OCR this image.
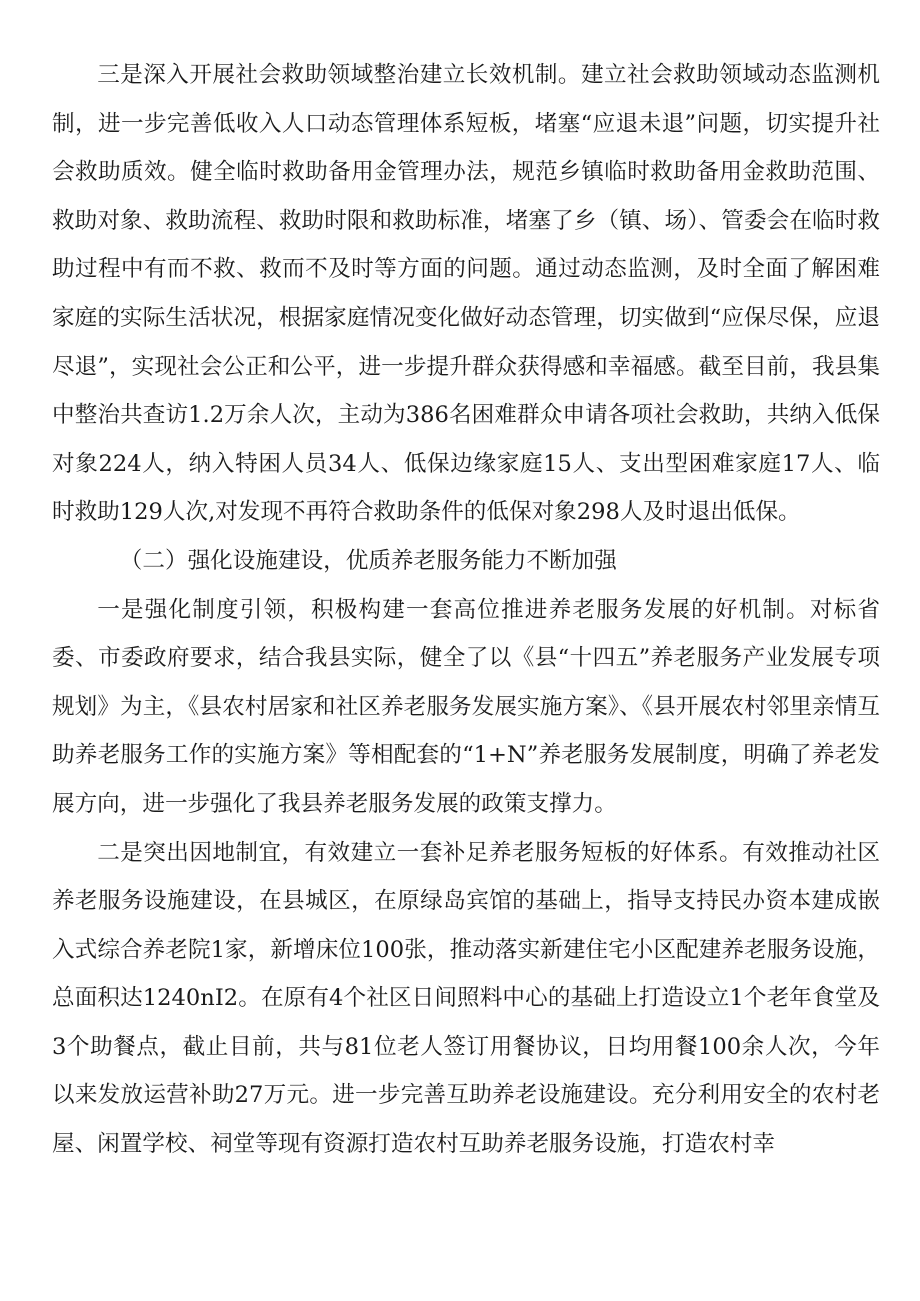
三是深入开展社会救助领域整治建立长效机制。建立社会救助领域动态监测机制，进一步完善低收入人口动态管理体系短板，堵塞“应退未退”问题，切实提升社会救助质效。健全临时救助备用金管理办法，规范乡镇临时救助备用金救助范围、救助对象、救助流程、救助时限和救助标准，堵塞了乡（镇、场）、管委会在临时救助过程中有而不救、救而不及时等方面的问题。通过动态监测，及时全面了解困难家庭的实际生活状况，根据家庭情况变化做好动态管理，切实做到“应保尽保，应退尽退”，实现社会公正和公平，进一步提升群众获得感和幸福感。截至目前，我县集中整治共查访1.2万余人次，主动为386名困难群众申请各项社会救助，共纳入低保对象224人，纳入特困人员34人、低保边缘家庭15人、支出型困难家庭17人、临时救助129人次,对发现不再符合救助条件的低保对象298人及时退出低保。

（二）强化设施建设，优质养老服务能力不断加强

一是强化制度引领，积极构建一套高位推进养老服务发展的好机制。对标省委、市委政府要求，结合我县实际，健全了以《县“十四五”养老服务产业发展专项规划》为主，《县农村居家和社区养老服务发展实施方案》、《县开展农村邻里亲情互助养老服务工作的实施方案》等相配套的“1+N”养老服务发展制度，明确了养老发展方向，进一步强化了我县养老服务发展的政策支撑力。

二是突出因地制宜，有效建立一套补足养老服务短板的好体系。有效推动社区养老服务设施建设，在县城区，在原绿岛宾馆的基础上，指导支持民办资本建成嵌入式综合养老院1家，新增床位100张，推动落实新建住宅小区配建养老服务设施，总面积达1240nI2。在原有4个社区日间照料中心的基础上打造设立1个老年食堂及3个助餐点，截止目前，共与81位老人签订用餐协议，日均用餐100余人次，今年以来发放运营补助27万元。进一步完善互助养老设施建设。充分利用安全的农村老屋、闲置学校、祠堂等现有资源打造农村互助养老服务设施，打造农村幸
